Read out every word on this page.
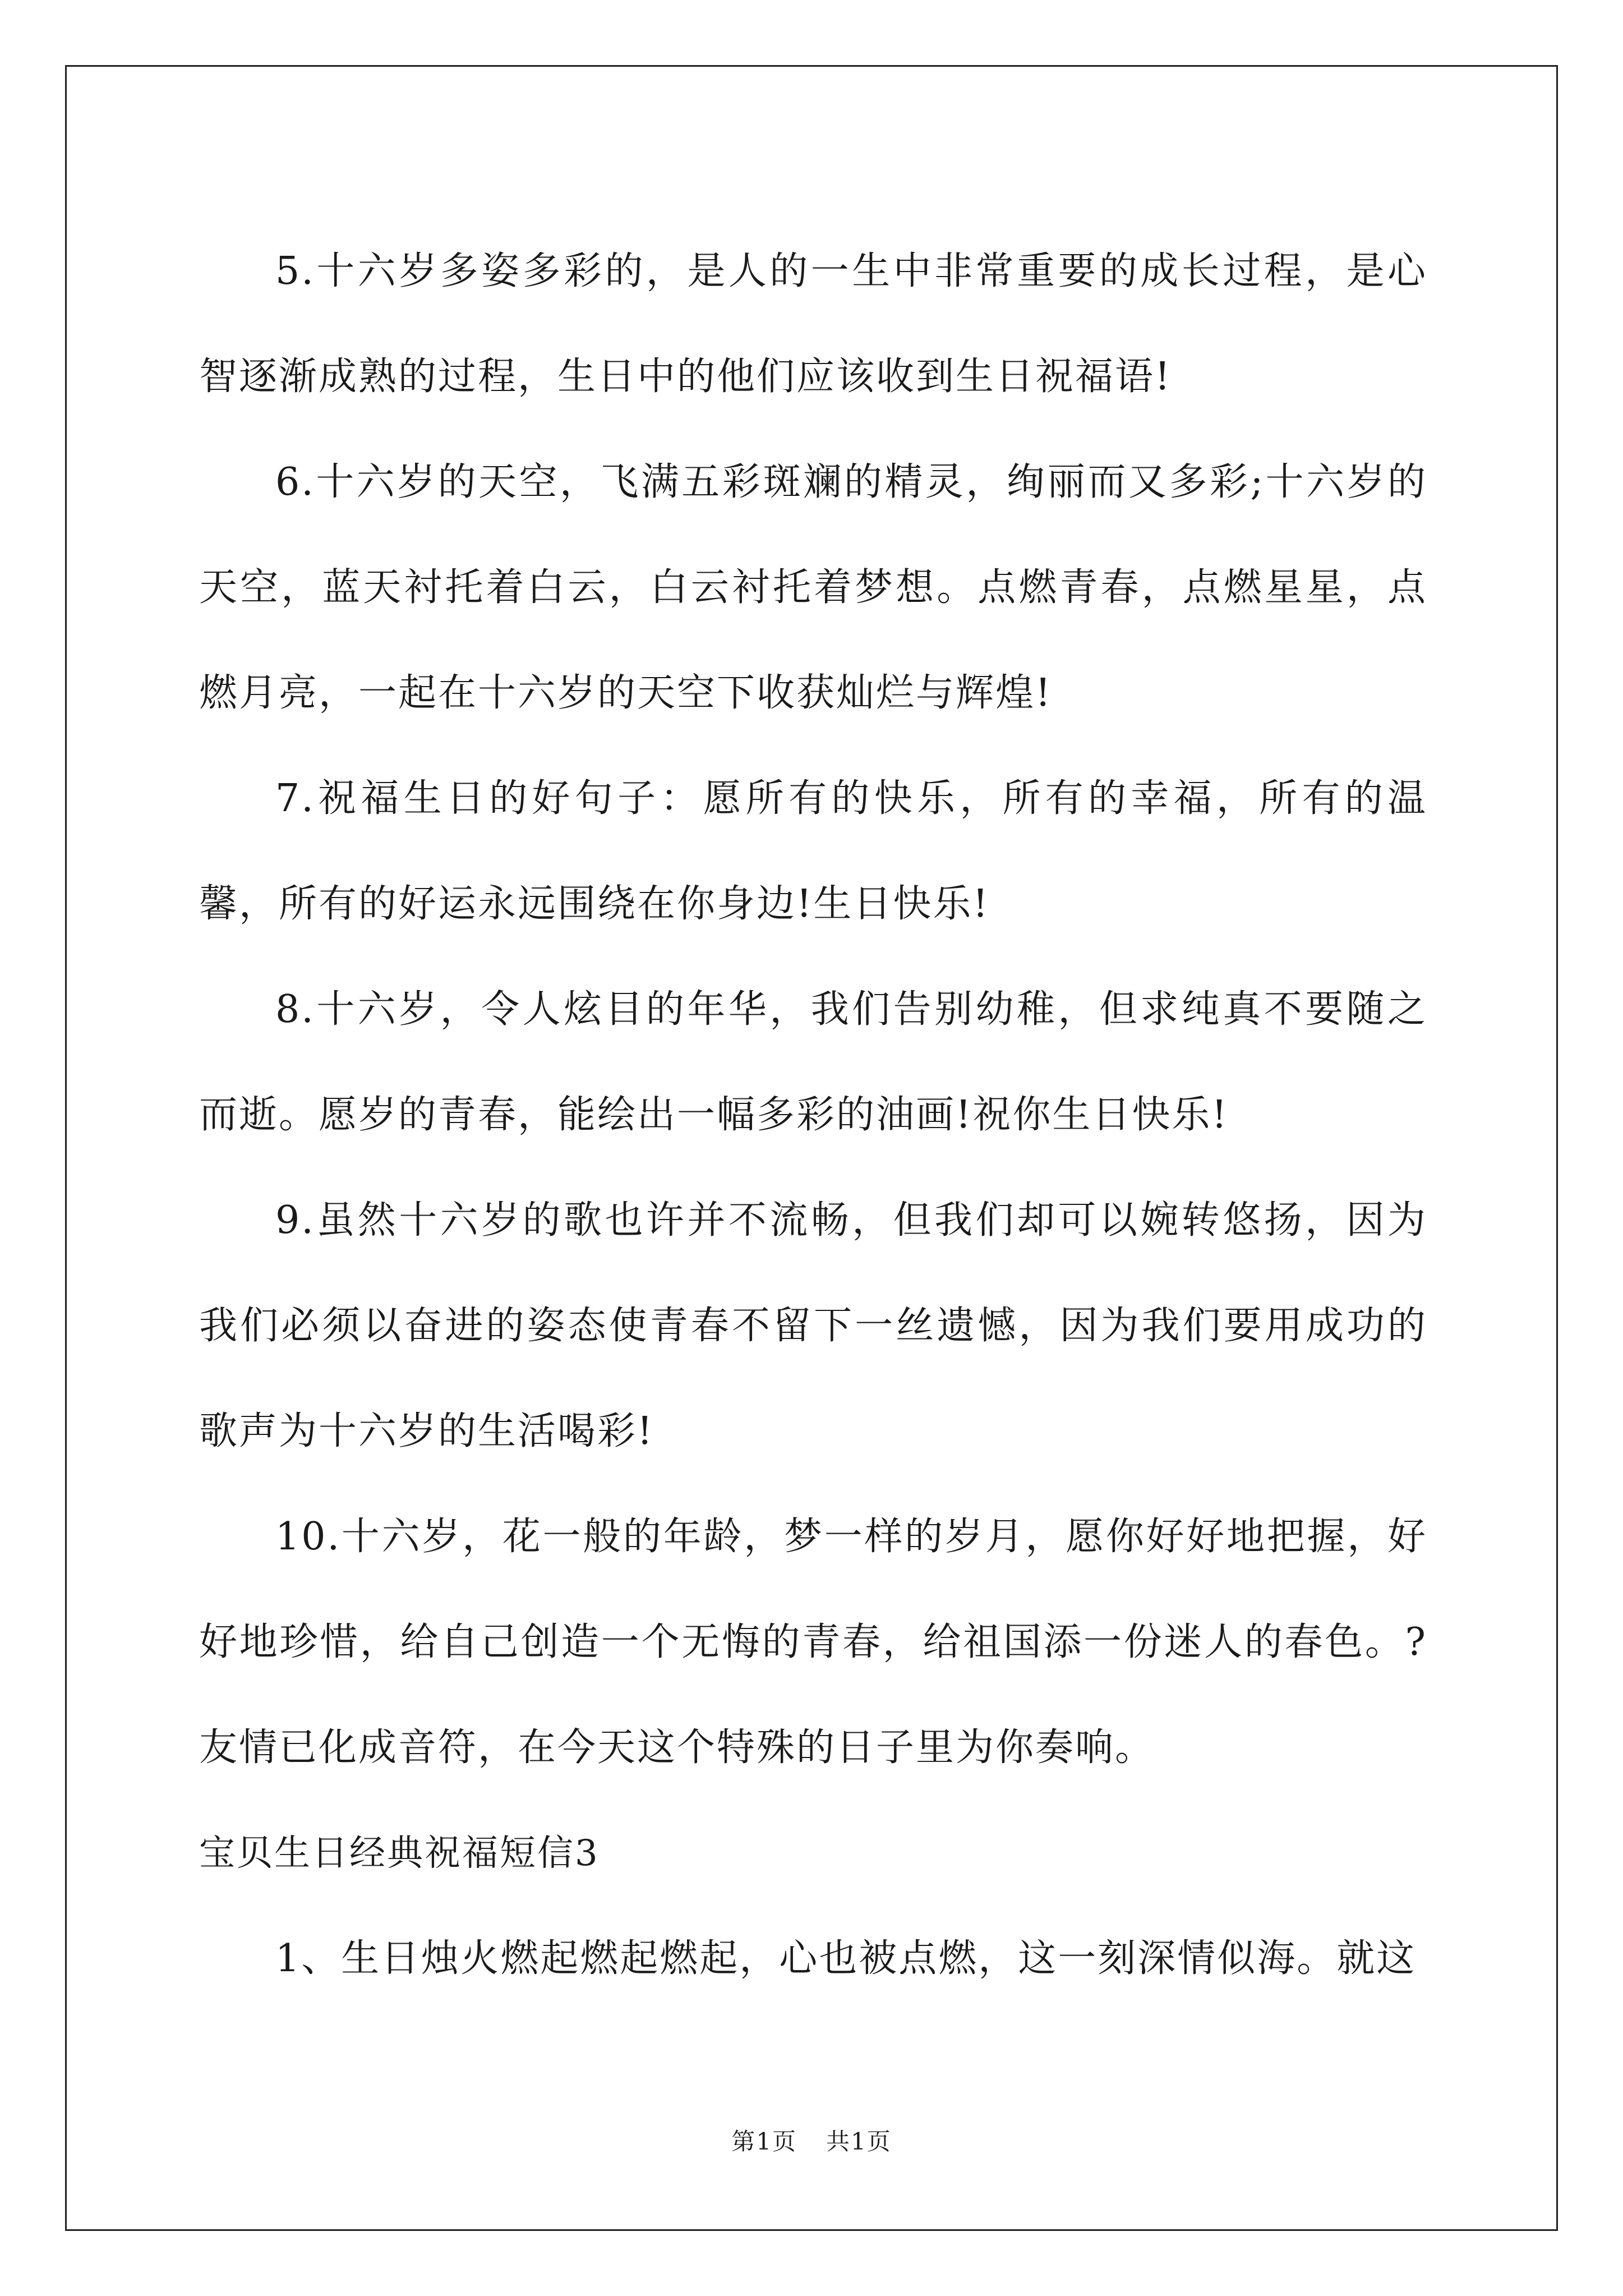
5.十六岁多姿多彩的，是人的一生中非常重要的成长过程，是心智逐渐成熟的过程，生日中的他们应该收到生日祝福语!

6.十六岁的天空，飞满五彩斑斓的精灵，绚丽而又多彩;十六岁的天空，蓝天衬托着白云，白云衬托着梦想。点燃青春，点燃星星，点燃月亮，一起在十六岁的天空下收获灿烂与辉煌!

7.祝福生日的好句子：愿所有的快乐，所有的幸福，所有的温馨，所有的好运永远围绕在你身边!生日快乐!

8.十六岁，令人炫目的年华，我们告别幼稚，但求纯真不要随之而逝。愿岁的青春，能绘出一幅多彩的油画!祝你生日快乐!

9.虽然十六岁的歌也许并不流畅，但我们却可以婉转悠扬，因为我们必须以奋进的姿态使青春不留下一丝遗憾，因为我们要用成功的歌声为十六岁的生活喝彩!

10.十六岁，花一般的年龄，梦一样的岁月，愿你好好地把握，好好地珍惜，给自己创造一个无悔的青春，给祖国添一份迷人的春色。?友情已化成音符，在今天这个特殊的日子里为你奏响。

宝贝生日经典祝福短信3

1、生日烛火燃起燃起燃起，心也被点燃，这一刻深情似海。就这

第1页 共1页
